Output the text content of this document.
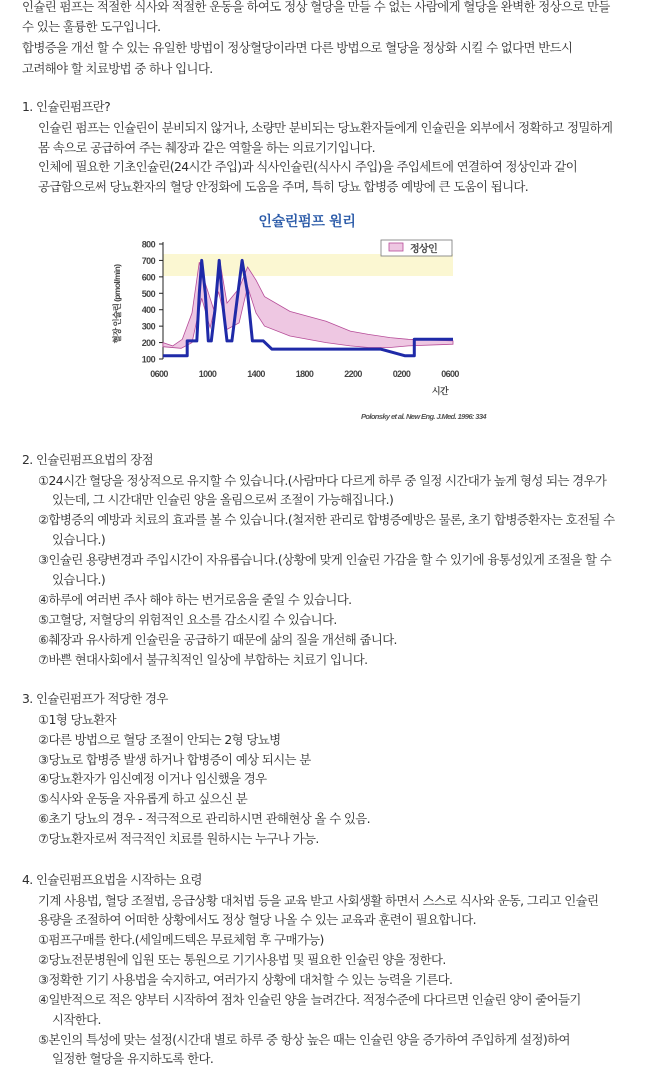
인슐린 펌프는 적절한 식사와 적절한 운동을 하여도 정상 혈당을 만들 수 없는 사람에게 혈당을 완벽한 정상으로 만들
수 있는 훌륭한 도구입니다.
합병증을 개선 할 수 있는 유일한 방법이 정상혈당이라면 다른 방법으로 혈당을 정상화 시킬 수 없다면 반드시
고려해야 할 치료방법 중 하나 입니다.
1. 인슐린펌프란?
인슐린 펌프는 인슐린이 분비되지 않거나, 소량만 분비되는 당뇨환자들에게 인슐린을 외부에서 정확하고 정밀하게
몸 속으로 공급하여 주는 췌장과 같은 역할을 하는 의료기기입니다.
인체에 필요한 기초인슐린(24시간 주입)과 식사인슐린(식사시 주입)을 주입세트에 연결하여 정상인과 같이
공급함으로써 당뇨환자의 혈당 안정화에 도움을 주며, 특히 당뇨 합병증 예방에 큰 도움이 됩니다.
인슐린펌프 원리
100
200
300
400
500
600
700
800
0600	1000	1400	1800	2200	0200	0600
혈장 인슐린 (pmol/min)
정상인
시간
Polonsky et al. New Eng. J.Med. 1996: 334
2. 인슐린펌프요법의 장점
①24시간 혈당을 정상적으로 유지할 수 있습니다.(사람마다 다르게 하루 중 일정 시간대가 높게 형성 되는 경우가
있는데, 그 시간대만 인슐린 양을 올림으로써 조절이 가능해집니다.)
②합병증의 예방과 치료의 효과를 볼 수 있습니다.(철저한 관리로 합병증예방은 물론, 초기 합병증환자는 호전될 수
있습니다.)
③인슐린 용량변경과 주입시간이 자유롭습니다.(상황에 맞게 인슐린 가감을 할 수 있기에 융통성있게 조절을 할 수
있습니다.)
④하루에 여러번 주사 해야 하는 번거로움을 줄일 수 있습니다.
⑤고혈당, 저혈당의 위험적인 요소를 감소시킬 수 있습니다.
⑥췌장과 유사하게 인슐린을 공급하기 때문에 삶의 질을 개선해 줍니다.
⑦바쁜 현대사회에서 불규칙적인 일상에 부합하는 치료기 입니다.
3. 인슐린펌프가 적당한 경우
①1형 당뇨환자
②다른 방법으로 혈당 조절이 안되는 2형 당뇨병
③당뇨로 합병증 발생 하거나 합병증이 예상 되시는 분
④당뇨환자가 임신예정 이거나 임신했을 경우
⑤식사와 운동을 자유롭게 하고 싶으신 분
⑥초기 당뇨의 경우 - 적극적으로 관리하시면 관해현상 올 수 있음.
⑦당뇨환자로써 적극적인 치료를 원하시는 누구나 가능.
4. 인슐린펌프요법을 시작하는 요령
기계 사용법, 혈당 조절법, 응급상황 대처법 등을 교육 받고 사회생활 하면서 스스로 식사와 운동, 그리고 인슐린
용량을 조절하여 어떠한 상황에서도 정상 혈당 나올 수 있는 교육과 훈련이 필요합니다.
①펌프구매를 한다.(세일메드텍은 무료체험 후 구매가능)
②당뇨전문병원에 입원 또는 통원으로 기기사용법 및 필요한 인슐린 양을 정한다.
③정확한 기기 사용법을 숙지하고, 여러가지 상황에 대처할 수 있는 능력을 기른다.
④일반적으로 적은 양부터 시작하여 점차 인슐린 양을 늘려간다. 적정수준에 다다르면 인슐린 양이 줄어들기
시작한다.
⑤본인의 특성에 맞는 설정(시간대 별로 하루 중 항상 높은 때는 인슐린 양을 증가하여 주입하게 설정)하여
일정한 혈당을 유지하도록 한다.
